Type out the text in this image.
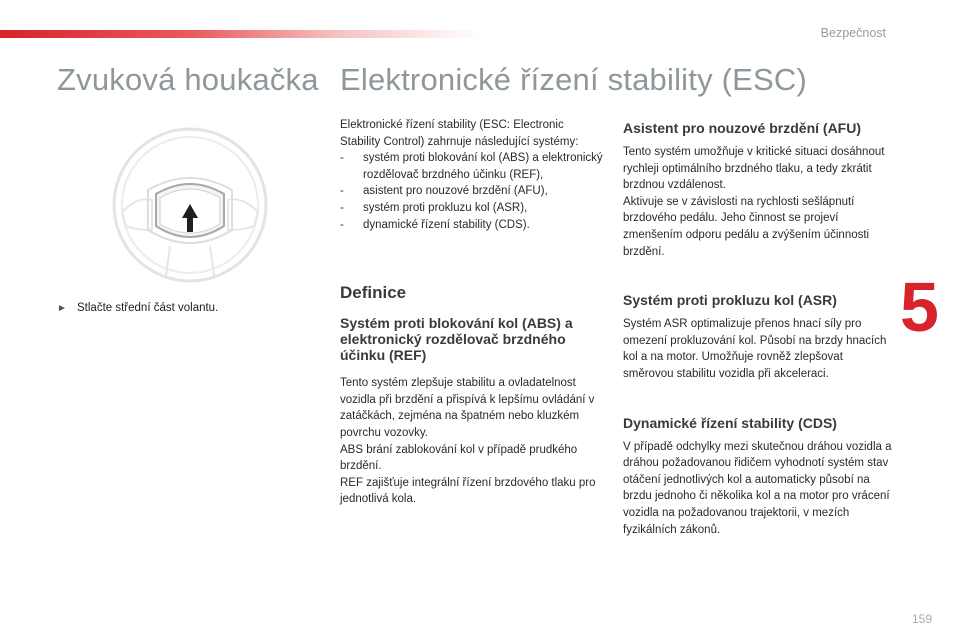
Bezpečnost
5
Zvuková houkačka Elektronické řízení stability (ESC)
► Stlačte střední část volantu.

Elektronické řízení stability (ESC: Electronic Stability Control) zahrnuje následující systémy:

- systém proti blokování kol (ABS) a elektronický rozdělovač brzdného účinku (REF),
- asistent pro nouzové brzdění (AFU),
- systém proti prokluzu kol (ASR),
- dynamické řízení stability (CDS).
Definice
Systém proti blokování kol (ABS) a elektronický rozdělovač brzdného účinku (REF)

Tento systém zlepšuje stabilitu a ovladatelnost vozidla při brzdění a přispívá k lepšímu ovládání v zatáčkách, zejména na špatném nebo kluzkém povrchu vozovky.

ABS brání zablokování kol v případě prudkého brzdění.

REF zajišťuje integrální řízení brzdového tlaku pro jednotlivá kola.

Asistent pro nouzové brzdění (AFU)

Tento systém umožňuje v kritické situaci dosáhnout rychleji optimálního brzdného tlaku, a tedy zkrátit brzdnou vzdálenost.

Aktivuje se v závislosti na rychlosti sešlápnutí brzdového pedálu. Jeho činnost se projeví zmenšením odporu pedálu a zvýšením účinnosti brzdění.

Systém proti prokluzu kol (ASR)

Systém ASR optimalizuje přenos hnací síly pro omezení prokluzování kol. Působí na brzdy hnacích kol a na motor. Umožňuje rovněž zlepšovat směrovou stabilitu vozidla při akceleraci.

Dynamické řízení stability (CDS)

V případě odchylky mezi skutečnou dráhou vozidla a dráhou požadovanou řidičem vyhodnotí systém stav otáčení jednotlivých kol a automaticky působí na brzdu jednoho či několika kol a na motor pro vrácení vozidla na požadovanou trajektorii, v mezích fyzikálních zákonů.

159
